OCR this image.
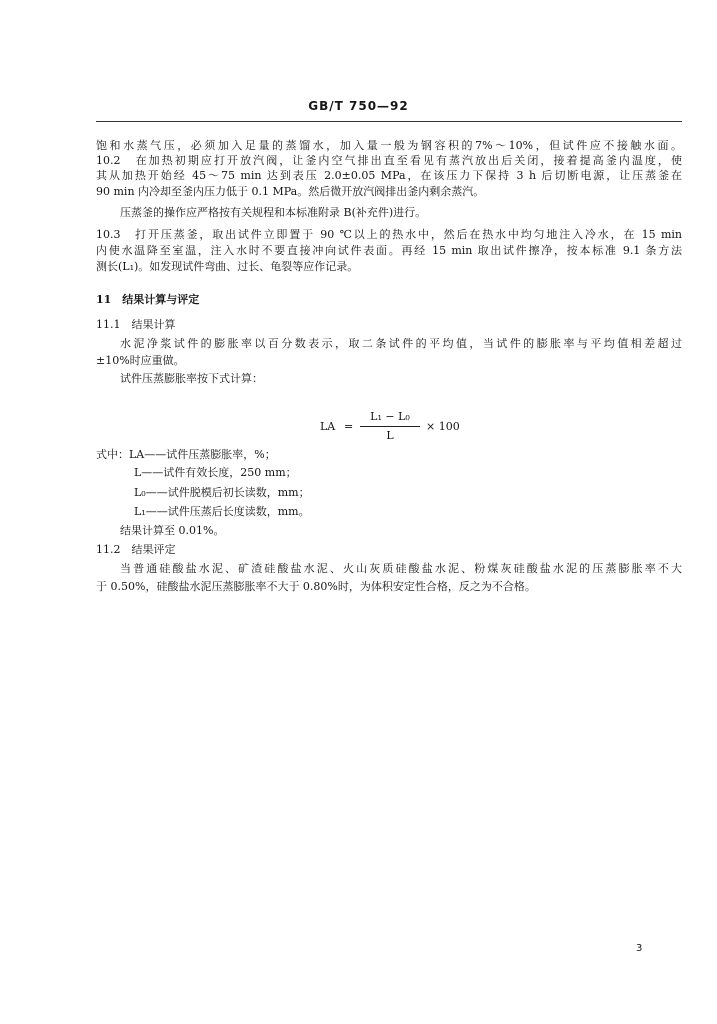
GB/T 750—92
饱和水蒸气压，必须加入足量的蒸馏水，加入量一般为钢容积的7%～10%，但试件应不接触水面。
10.2　在加热初期应打开放汽阀，让釜内空气排出直至看见有蒸汽放出后关闭，接着提高釜内温度，使
其从加热开始经 45～75 min 达到表压 2.0±0.05 MPa，在该压力下保持 3 h 后切断电源，让压蒸釜在
90 min 内冷却至釜内压力低于 0.1 MPa。然后微开放汽阀排出釜内剩余蒸汽。
压蒸釜的操作应严格按有关规程和本标准附录 B(补充件)进行。
10.3　打开压蒸釜，取出试件立即置于 90 ℃以上的热水中，然后在热水中均匀地注入冷水，在 15 min
内使水温降至室温，注入水时不要直接冲向试件表面。再经 15 min 取出试件擦净，按本标准 9.1 条方法
测长(L₁)。如发现试件弯曲、过长、龟裂等应作记录。
11　结果计算与评定
11.1　结果计算
水泥净浆试件的膨胀率以百分数表示，取二条试件的平均值，当试件的膨胀率与平均值相差超过
±10%时应重做。
试件压蒸膨胀率按下式计算：
LA =
L₁ − L₀
L
× 100
式中：LA——试件压蒸膨胀率，%；
L——试件有效长度，250 mm；
L₀——试件脱模后初长读数，mm；
L₁——试件压蒸后长度读数，mm。
结果计算至 0.01%。
11.2　结果评定
当普通硅酸盐水泥、矿渣硅酸盐水泥、火山灰质硅酸盐水泥、粉煤灰硅酸盐水泥的压蒸膨胀率不大
于 0.50%，硅酸盐水泥压蒸膨胀率不大于 0.80%时，为体积安定性合格，反之为不合格。
3
